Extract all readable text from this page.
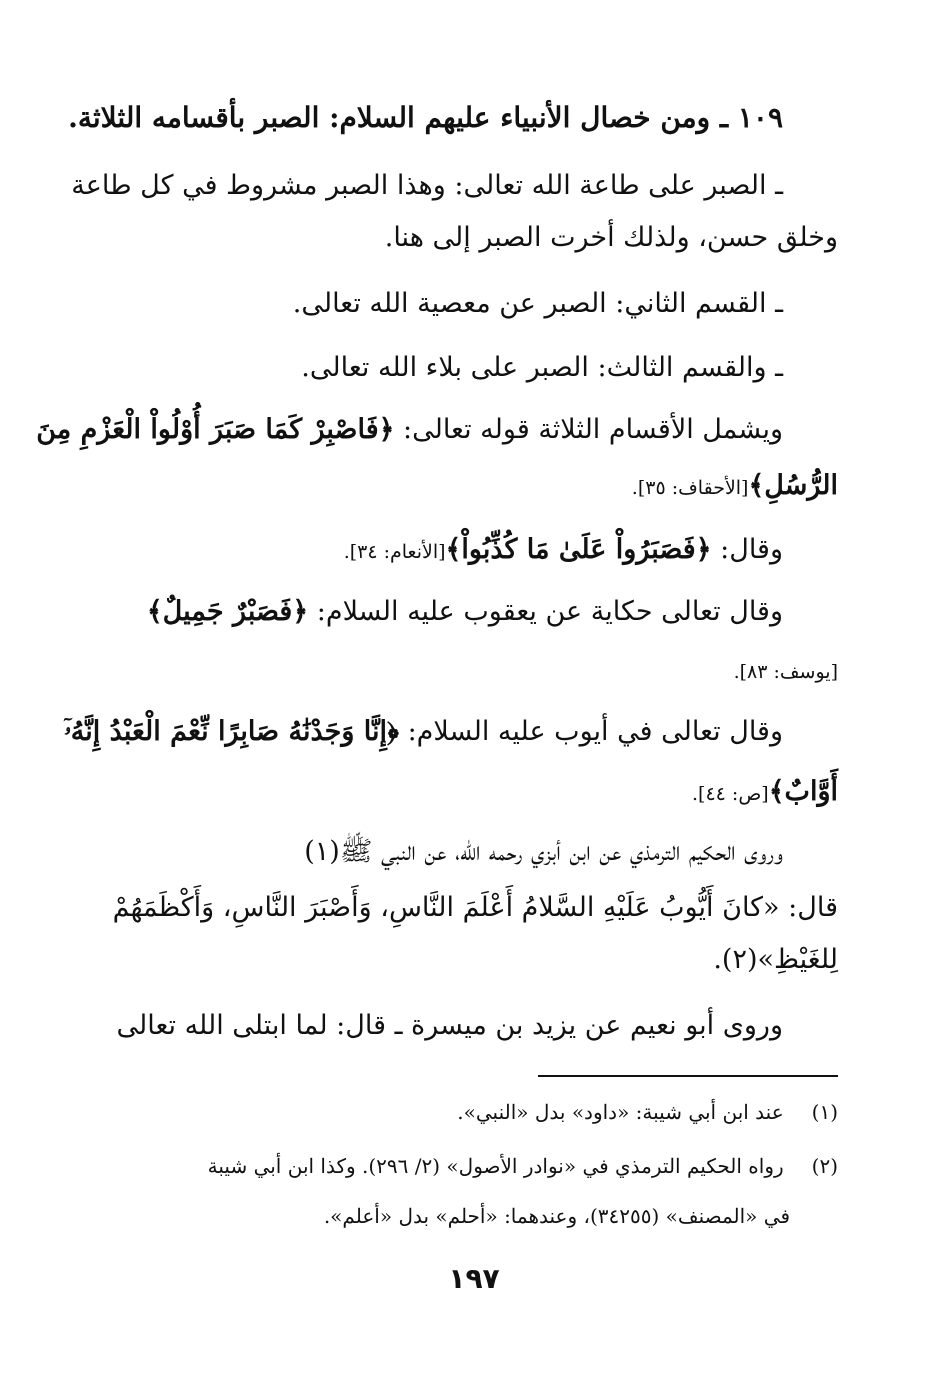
١٠٩ ـ ومن خصال الأنبياء عليهم السلام: الصبر بأقسامه الثلاثة.
ـ الصبر على طاعة الله تعالى: وهذا الصبر مشروط في كل طاعة
وخلق حسن، ولذلك أخرت الصبر إلى هنا.
ـ القسم الثاني: الصبر عن معصية الله تعالى.
ـ والقسم الثالث: الصبر على بلاء الله تعالى.
ويشمل الأقسام الثلاثة قوله تعالى: ﴿فَاصْبِرْ كَمَا صَبَرَ أُوْلُواْ الْعَزْمِ مِنَ
الرُّسُلِ﴾[الأحقاف: ٣٥].
وقال: ﴿فَصَبَرُواْ عَلَىٰ مَا كُذِّبُواْ﴾[الأنعام: ٣٤].
وقال تعالى حكاية عن يعقوب عليه السلام: ﴿فَصَبْرٌ جَمِيلٌ﴾
[يوسف: ٨٣].
وقال تعالى في أيوب عليه السلام: ﴿إِنَّا وَجَدْنَٰهُ صَابِرًا نِّعْمَ الْعَبْدُ إِنَّهُۥٓ
أَوَّابٌ﴾[ص: ٤٤].
وروى الحكيم الترمذي عن ابن أبزي رحمه الله، عن النبي ﷺ(١)
قال: «كانَ أَيُّوبُ عَلَيْهِ السَّلامُ أَعْلَمَ النَّاسِ، وَأَصْبَرَ النَّاسِ، وَأَكْظَمَهُمْ
لِلغَيْظِ»(٢).
وروى أبو نعيم عن يزيد بن ميسرة ـ قال: لما ابتلى الله تعالى
(١) عند ابن أبي شيبة: «داود» بدل «النبي».
(٢) رواه الحكيم الترمذي في «نوادر الأصول» (٢/ ٢٩٦). وكذا ابن أبي شيبة
في «المصنف» (٣٤٢٥٥)، وعندهما: «أحلم» بدل «أعلم».
١٩٧
